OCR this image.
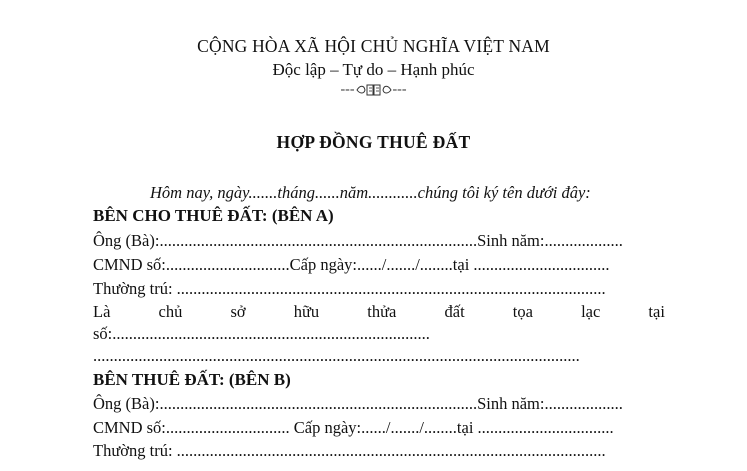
CỘNG HÒA XÃ HỘI CHỦ NGHĨA VIỆT NAM
Độc lập – Tự do – Hạnh phúc
---	---
HỢP ĐỒNG THUÊ ĐẤT
Hôm nay, ngày.......tháng......năm............chúng tôi ký tên dưới đây:
BÊN CHO THUÊ ĐẤT: (BÊN A)
Ông (Bà):.............................................................................Sinh năm:...................
CMND số:..............................Cấp ngày:....../......./........tại .................................
Thường trú: ........................................................................................................
Là	chủ	sở	hữu	thửa	đất	tọa	lạc	tại
số:.............................................................................
......................................................................................................................
BÊN THUÊ ĐẤT: (BÊN B)
Ông (Bà):.............................................................................Sinh năm:...................
CMND số:.............................. Cấp ngày:....../......./........tại .................................
Thường trú: ........................................................................................................
